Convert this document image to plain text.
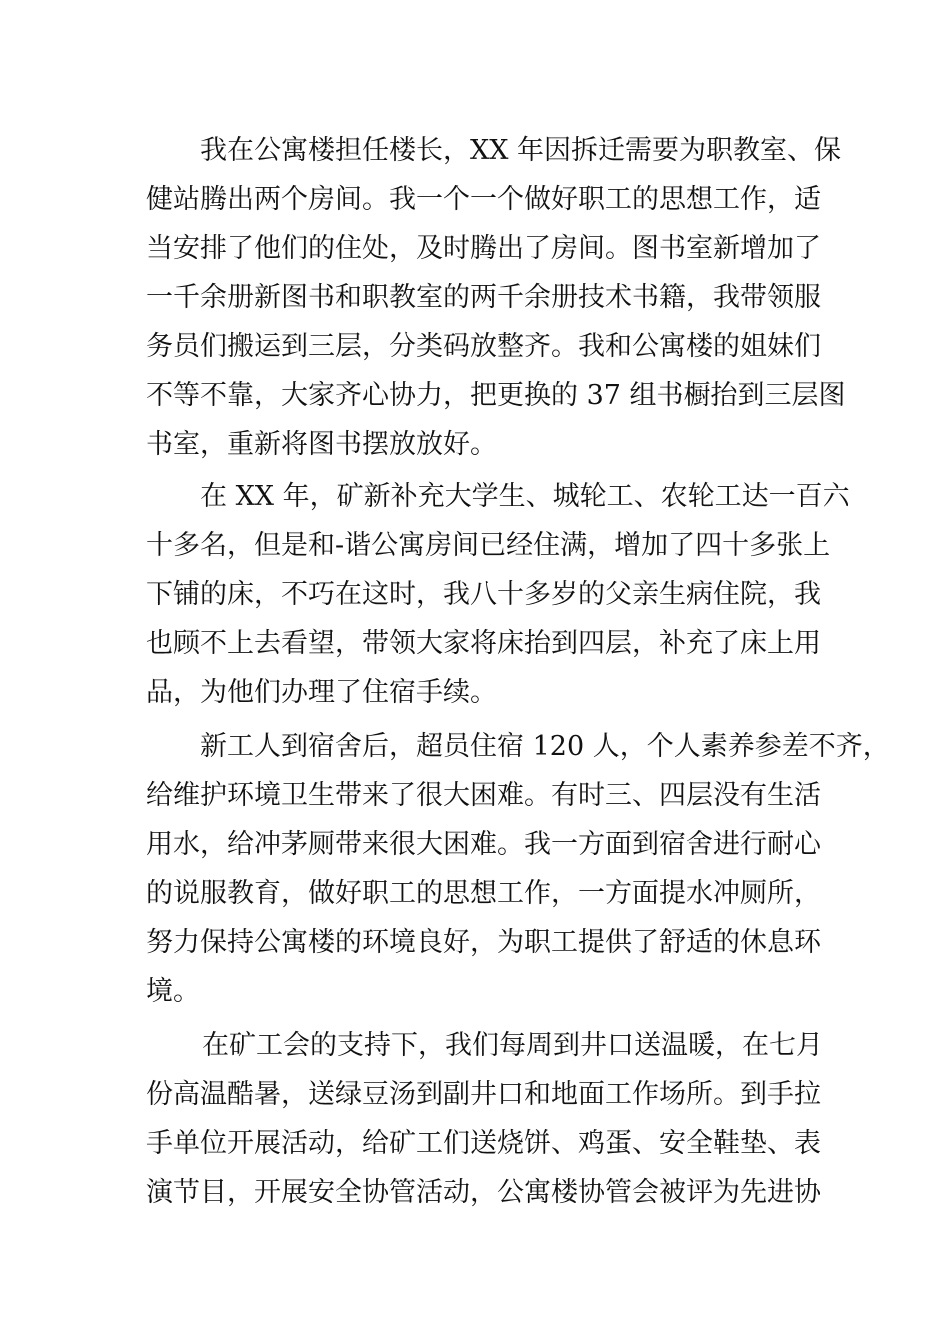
我在公寓楼担任楼长，XX 年因拆迁需要为职教室、保
健站腾出两个房间。我一个一个做好职工的思想工作，适
当安排了他们的住处，及时腾出了房间。图书室新增加了
一千余册新图书和职教室的两千余册技术书籍，我带领服
务员们搬运到三层，分类码放整齐。我和公寓楼的姐妹们
不等不靠，大家齐心协力，把更换的 37 组书橱抬到三层图
书室，重新将图书摆放放好。
在 XX 年，矿新补充大学生、城轮工、农轮工达一百六
十多名，但是和-谐公寓房间已经住满，增加了四十多张上
下铺的床，不巧在这时，我八十多岁的父亲生病住院，我
也顾不上去看望，带领大家将床抬到四层，补充了床上用
品，为他们办理了住宿手续。
新工人到宿舍后，超员住宿 120 人，个人素养参差不齐，
给维护环境卫生带来了很大困难。有时三、四层没有生活
用水，给冲茅厕带来很大困难。我一方面到宿舍进行耐心
的说服教育，做好职工的思想工作，一方面提水冲厕所，
努力保持公寓楼的环境良好，为职工提供了舒适的休息环
境。
在矿工会的支持下，我们每周到井口送温暖，在七月
份高温酷暑，送绿豆汤到副井口和地面工作场所。到手拉
手单位开展活动，给矿工们送烧饼、鸡蛋、安全鞋垫、表
演节目，开展安全协管活动，公寓楼协管会被评为先进协
